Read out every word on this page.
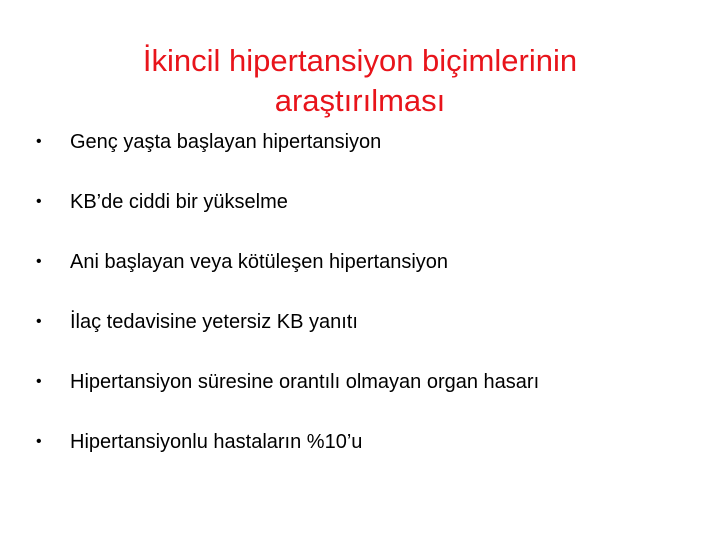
İkincil hipertansiyon biçimlerinin
araştırılması
•	Genç yaşta başlayan hipertansiyon
•	KB’de ciddi bir yükselme
•	Ani başlayan veya kötüleşen hipertansiyon
•	İlaç tedavisine yetersiz KB yanıtı
•	Hipertansiyon süresine orantılı olmayan organ hasarı
•	Hipertansiyonlu hastaların %10’u
